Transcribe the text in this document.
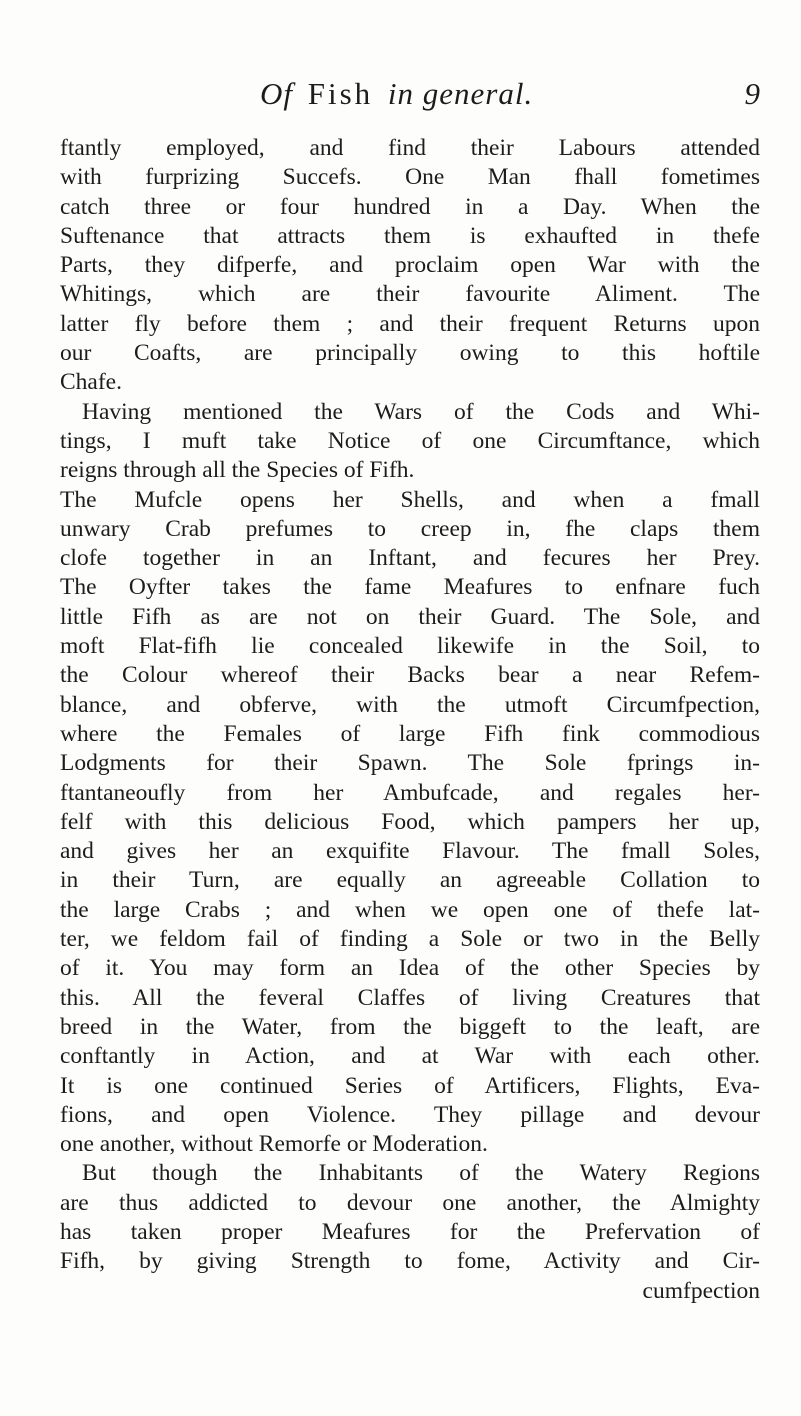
Of Fish in general.	9
ftantly employed, and find their Labours attended
with furprizing Succefs. One Man fhall fometimes
catch three or four hundred in a Day. When the
Suftenance that attracts them is exhaufted in thefe
Parts, they difperfe, and proclaim open War with the
Whitings, which are their favourite Aliment. The
latter fly before them ; and their frequent Returns upon
our Coafts, are principally owing to this hoftile
Chafe.
Having mentioned the Wars of the Cods and Whi-
tings, I muft take Notice of one Circumftance, which
reigns through all the Species of Fifh.
The Mufcle opens her Shells, and when a fmall
unwary Crab prefumes to creep in, fhe claps them
clofe together in an Inftant, and fecures her Prey.
The Oyfter takes the fame Meafures to enfnare fuch
little Fifh as are not on their Guard. The Sole, and
moft Flat-fifh lie concealed likewife in the Soil, to
the Colour whereof their Backs bear a near Refem-
blance, and obferve, with the utmoft Circumfpection,
where the Females of large Fifh fink commodious
Lodgments for their Spawn. The Sole fprings in-
ftantaneoufly from her Ambufcade, and regales her-
felf with this delicious Food, which pampers her up,
and gives her an exquifite Flavour. The fmall Soles,
in their Turn, are equally an agreeable Collation to
the large Crabs ; and when we open one of thefe lat-
ter, we feldom fail of finding a Sole or two in the Belly
of it. You may form an Idea of the other Species by
this. All the feveral Claffes of living Creatures that
breed in the Water, from the biggeft to the leaft, are
conftantly in Action, and at War with each other.
It is one continued Series of Artificers, Flights, Eva-
fions, and open Violence. They pillage and devour
one another, without Remorfe or Moderation.
But though the Inhabitants of the Watery Regions
are thus addicted to devour one another, the Almighty
has taken proper Meafures for the Prefervation of
Fifh, by giving Strength to fome, Activity and Cir-
cumfpection
